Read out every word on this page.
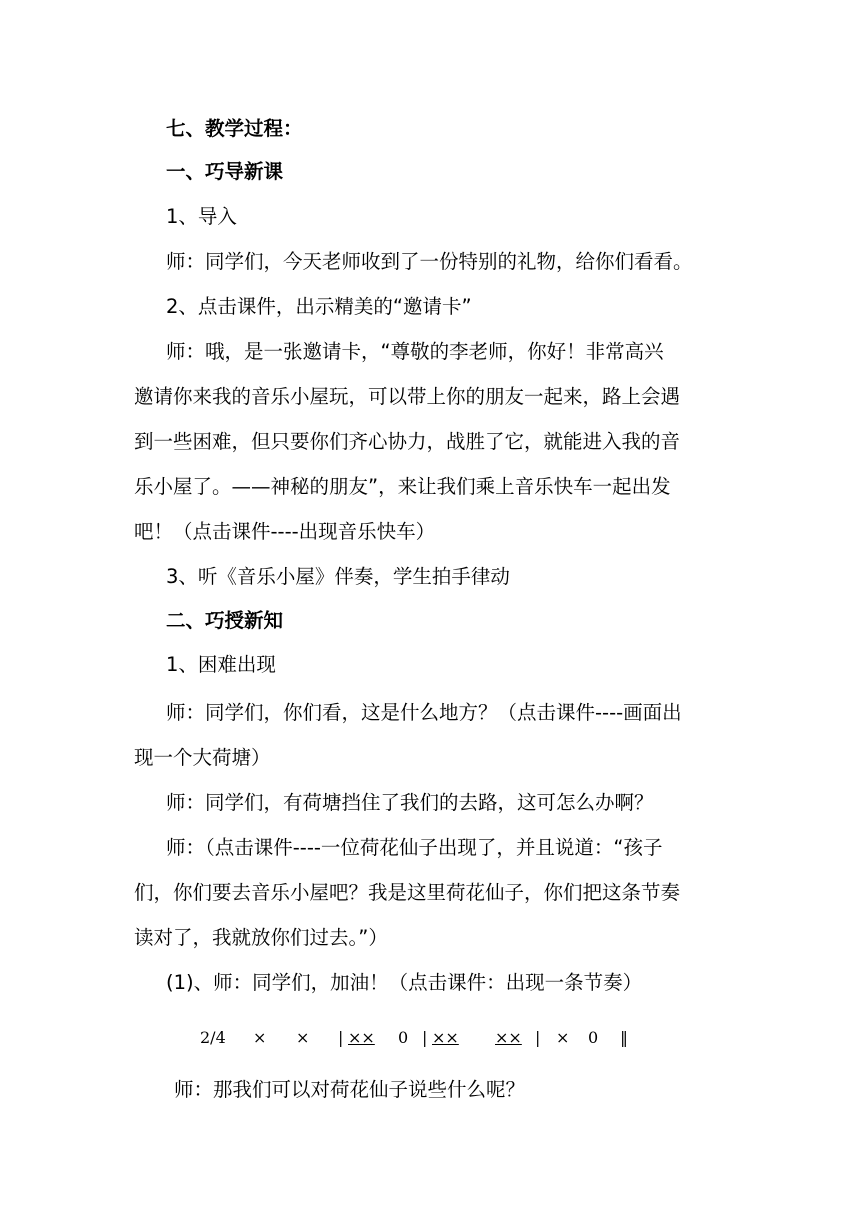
七、教学过程：
一、巧导新课
1、导入
师：同学们，今天老师收到了一份特别的礼物，给你们看看。
2、点击课件，出示精美的“邀请卡”
师：哦，是一张邀请卡，“尊敬的李老师，你好！非常高兴
邀请你来我的音乐小屋玩，可以带上你的朋友一起来，路上会遇
到一些困难，但只要你们齐心协力，战胜了它，就能进入我的音
乐小屋了。——神秘的朋友”，来让我们乘上音乐快车一起出发
吧！（点击课件----出现音乐快车）
3、听《音乐小屋》伴奏，学生拍手律动
二、巧授新知
1、困难出现
师：同学们，你们看，这是什么地方？（点击课件----画面出
现一个大荷塘）
师：同学们，有荷塘挡住了我们的去路，这可怎么办啊？
师：（点击课件----一位荷花仙子出现了，并且说道：“孩子
们，你们要去音乐小屋吧？我是这里荷花仙子，你们把这条节奏
读对了，我就放你们过去。”）
(1)、师：同学们，加油！（点击课件：出现一条节奏）
2/4 × × | ×× 0 | ×× ×× | × 0 ‖
师：那我们可以对荷花仙子说些什么呢？
